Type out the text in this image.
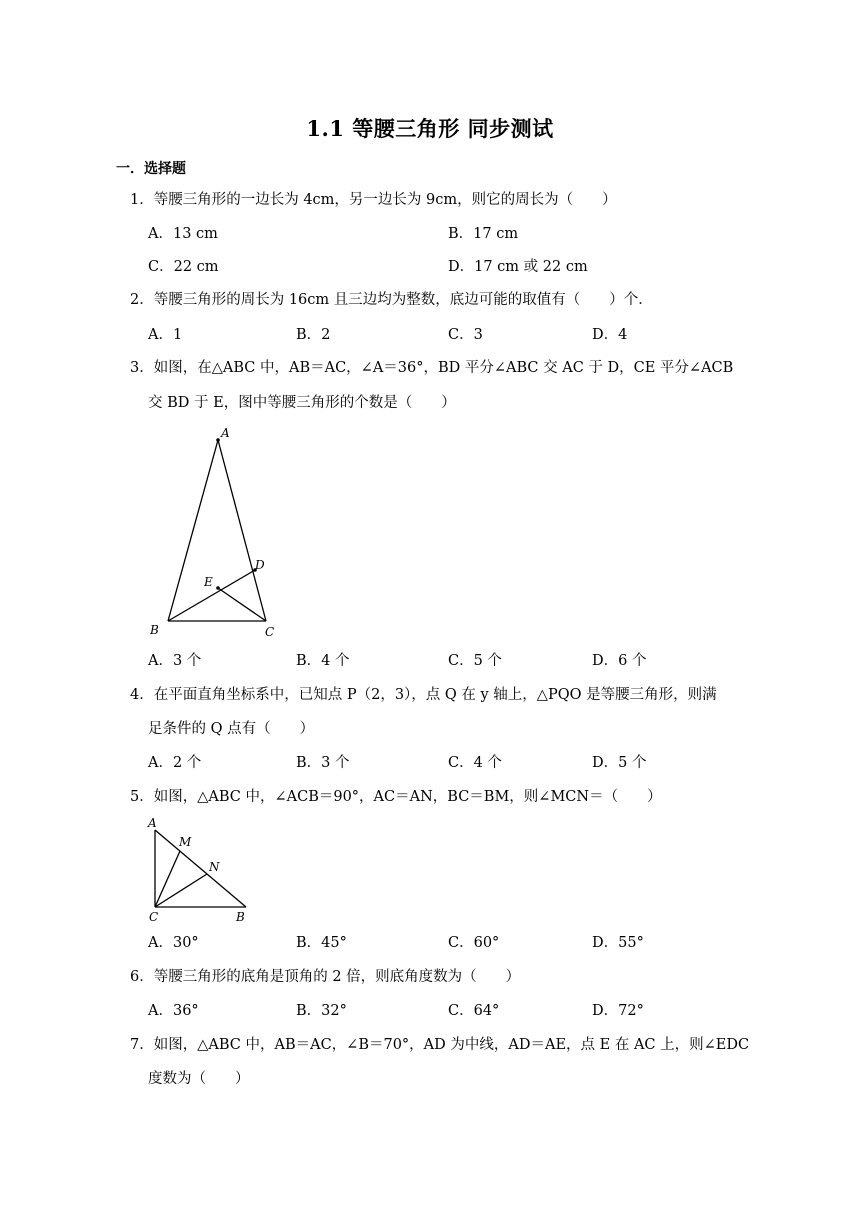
1.1 等腰三角形 同步测试
一．选择题
1．等腰三角形的一边长为 4cm，另一边长为 9cm，则它的周长为（　　）
A．13 cm	B．17 cm
C．22 cm	D．17 cm 或 22 cm
2．等腰三角形的周长为 16cm 且三边均为整数，底边可能的取值有（　　）个．
A．1	B．2	C．3	D．4
3．如图，在△ABC 中，AB＝AC，∠A＝36°，BD 平分∠ABC 交 AC 于 D，CE 平分∠ACB
交 BD 于 E，图中等腰三角形的个数是（　　）
A
B	C
D
E
A．3 个	B．4 个	C．5 个	D．6 个
4．在平面直角坐标系中，已知点 P（2，3），点 Q 在 y 轴上，△PQO 是等腰三角形，则满
足条件的 Q 点有（　　）
A．2 个	B．3 个	C．4 个	D．5 个
5．如图，△ABC 中，∠ACB＝90°，AC＝AN，BC＝BM，则∠MCN＝（　　）
A
M
N
C	B
A．30°	B．45°	C．60°	D．55°
6．等腰三角形的底角是顶角的 2 倍，则底角度数为（　　）
A．36°	B．32°	C．64°	D．72°
7．如图，△ABC 中，AB＝AC，∠B＝70°，AD 为中线，AD＝AE，点 E 在 AC 上，则∠EDC
度数为（　　）
